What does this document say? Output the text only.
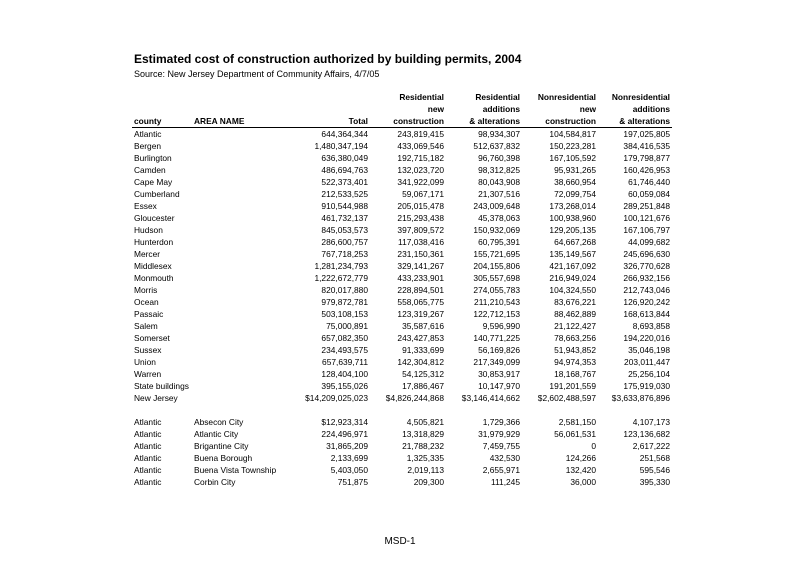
Estimated cost of construction authorized by building permits, 2004
Source: New Jersey Department of Community Affairs, 4/7/05
			Residential	Residential	Nonresidential	Nonresidential
			new	additions	new	additions
county	AREA NAME	Total	construction	& alterations	construction	& alterations
Atlantic		644,364,344	243,819,415	98,934,307	104,584,817	197,025,805
Bergen		1,480,347,194	433,069,546	512,637,832	150,223,281	384,416,535
Burlington		636,380,049	192,715,182	96,760,398	167,105,592	179,798,877
Camden		486,694,763	132,023,720	98,312,825	95,931,265	160,426,953
Cape May		522,373,401	341,922,099	80,043,908	38,660,954	61,746,440
Cumberland		212,533,525	59,067,171	21,307,516	72,099,754	60,059,084
Essex		910,544,988	205,015,478	243,009,648	173,268,014	289,251,848
Gloucester		461,732,137	215,293,438	45,378,063	100,938,960	100,121,676
Hudson		845,053,573	397,809,572	150,932,069	129,205,135	167,106,797
Hunterdon		286,600,757	117,038,416	60,795,391	64,667,268	44,099,682
Mercer		767,718,253	231,150,361	155,721,695	135,149,567	245,696,630
Middlesex		1,281,234,793	329,141,267	204,155,806	421,167,092	326,770,628
Monmouth		1,222,672,779	433,233,901	305,557,698	216,949,024	266,932,156
Morris		820,017,880	228,894,501	274,055,783	104,324,550	212,743,046
Ocean		979,872,781	558,065,775	211,210,543	83,676,221	126,920,242
Passaic		503,108,153	123,319,267	122,712,153	88,462,889	168,613,844
Salem		75,000,891	35,587,616	9,596,990	21,122,427	8,693,858
Somerset		657,082,350	243,427,853	140,771,225	78,663,256	194,220,016
Sussex		234,493,575	91,333,699	56,169,826	51,943,852	35,046,198
Union		657,639,711	142,304,812	217,349,099	94,974,353	203,011,447
Warren		128,404,100	54,125,312	30,853,917	18,168,767	25,256,104
State buildings		395,155,026	17,886,467	10,147,970	191,201,559	175,919,030
New Jersey		$14,209,025,023	$4,826,244,868	$3,146,414,662	$2,602,488,597	$3,633,876,896

Atlantic	Absecon City	$12,923,314	4,505,821	1,729,366	2,581,150	4,107,173
Atlantic	Atlantic City	224,496,971	13,318,829	31,979,929	56,061,531	123,136,682
Atlantic	Brigantine City	31,865,209	21,788,232	7,459,755	0	2,617,222
Atlantic	Buena Borough	2,133,699	1,325,335	432,530	124,266	251,568
Atlantic	Buena Vista Township	5,403,050	2,019,113	2,655,971	132,420	595,546
Atlantic	Corbin City	751,875	209,300	111,245	36,000	395,330
MSD-1
